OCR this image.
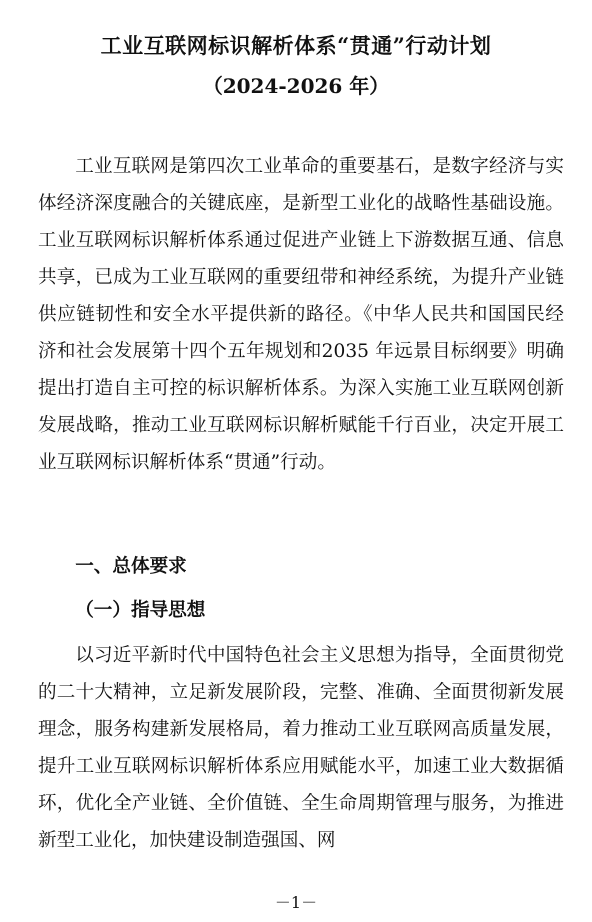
工业互联网标识解析体系“贯通”行动计划
（2024-2026 年）

工业互联网是第四次工业革命的重要基石，是数字经济与实体经济深度融合的关键底座，是新型工业化的战略性基础设施。工业互联网标识解析体系通过促进产业链上下游数据互通、信息共享，已成为工业互联网的重要纽带和神经系统，为提升产业链供应链韧性和安全水平提供新的路径。《中华人民共和国国民经济和社会发展第十四个五年规划和2035 年远景目标纲要》明确提出打造自主可控的标识解析体系。为深入实施工业互联网创新发展战略，推动工业互联网标识解析赋能千行百业，决定开展工业互联网标识解析体系“贯通”行动。

一、总体要求
（一）指导思想

以习近平新时代中国特色社会主义思想为指导，全面贯彻党的二十大精神，立足新发展阶段，完整、准确、全面贯彻新发展理念，服务构建新发展格局，着力推动工业互联网高质量发展，提升工业互联网标识解析体系应用赋能水平，加速工业大数据循环，优化全产业链、全价值链、全生命周期管理与服务，为推进新型工业化，加快建设制造强国、网

－1－
